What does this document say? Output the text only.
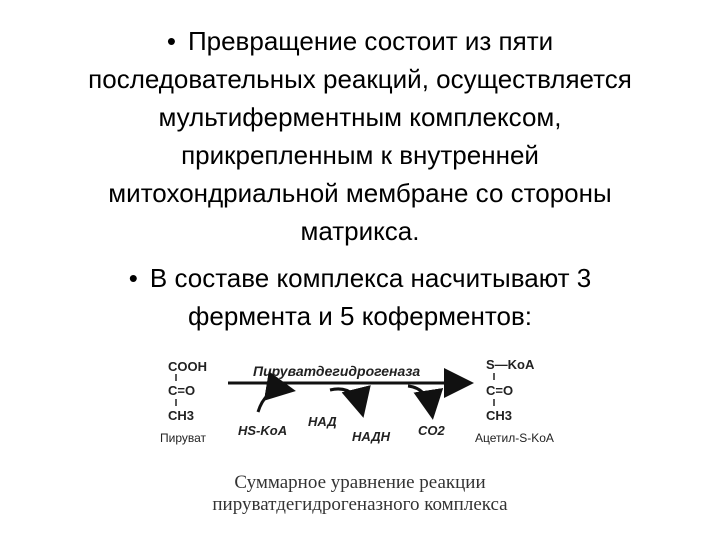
• Превращение состоит из пяти
последовательных реакций, осуществляется
мультиферментным комплексом,
прикрепленным к внутренней
митохондриальной мембране со стороны
матрикса.
• В составе комплекса насчитывают 3
фермента и 5 коферментов:
COOH
C=O
CH3
Пируват
Пируватдегидрогеназа	S—KoA
C=O
CH3
Ацетил-S-KoA
HS-KoA
НАД
НАДН CO2
Суммарное уравнение реакции
пируватдегидрогеназного комплекса
